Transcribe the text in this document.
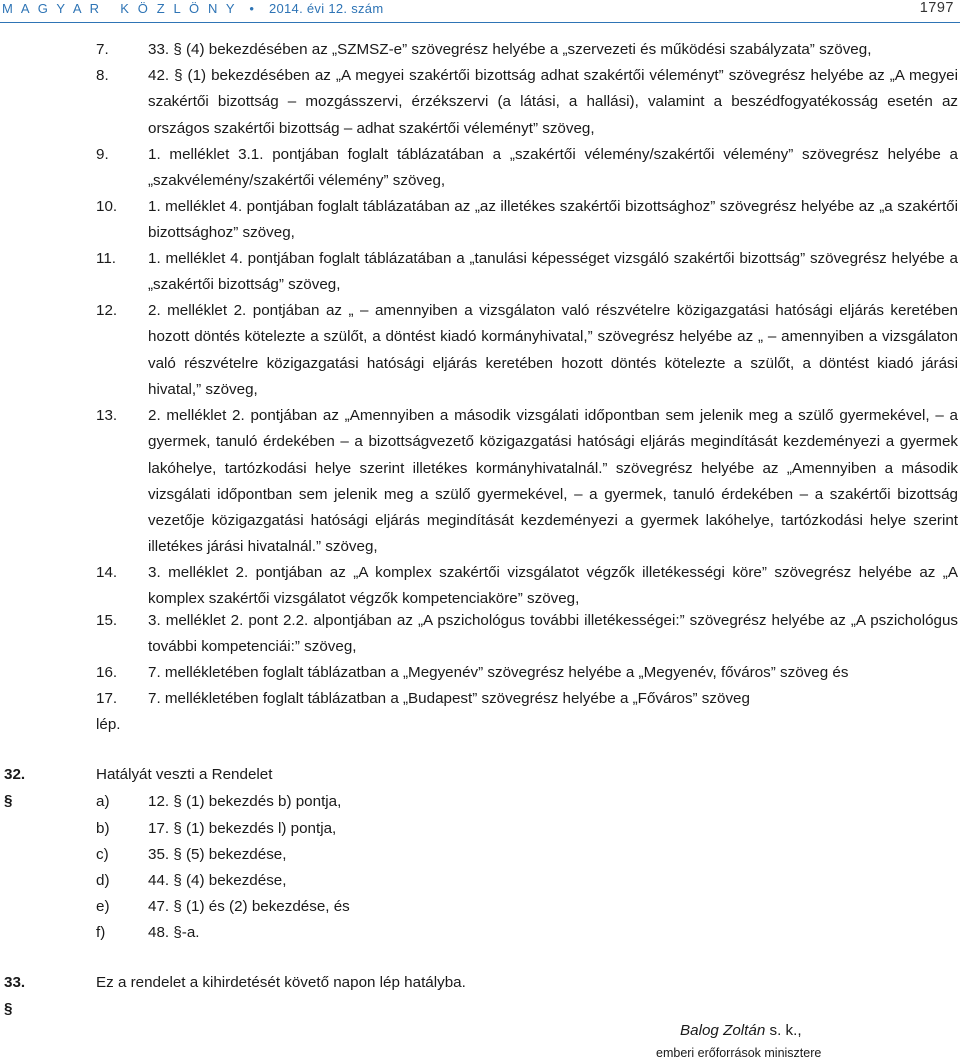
M A G Y A R   K Ö Z L Ö N Y  •  2014. évi 12. szám	1797
7.	33. § (4) bekezdésében az „SZMSZ-e” szövegrész helyébe a „szervezeti és működési szabályzata” szöveg,
8.	42. § (1) bekezdésében az „A megyei szakértői bizottság adhat szakértői véleményt” szövegrész helyébe az „A megyei szakértői bizottság – mozgásszervi, érzékszervi (a látási, a hallási), valamint a beszédfogyatékosság esetén az országos szakértői bizottság – adhat szakértői véleményt” szöveg,
9.	1. melléklet 3.1. pontjában foglalt táblázatában a „szakértői vélemény/szakértői vélemény” szövegrész helyébe a „szakvélemény/szakértői vélemény” szöveg,
10. 1. melléklet 4. pontjában foglalt táblázatában az „az illetékes szakértői bizottsághoz” szövegrész helyébe az „a szakértői bizottsághoz” szöveg,
11. 1. melléklet 4. pontjában foglalt táblázatában a „tanulási képességet vizsgáló szakértői bizottság” szövegrész helyébe a „szakértői bizottság” szöveg,
12. 2. melléklet 2. pontjában az „ – amennyiben a vizsgálaton való részvételre közigazgatási hatósági eljárás keretében hozott döntés kötelezte a szülőt, a döntést kiadó kormányhivatal,” szövegrész helyébe az „ – amennyiben a vizsgálaton való részvételre közigazgatási hatósági eljárás keretében hozott döntés kötelezte a szülőt, a döntést kiadó járási hivatal,” szöveg,
13. 2. melléklet 2. pontjában az „Amennyiben a második vizsgálati időpontban sem jelenik meg a szülő gyermekével, – a gyermek, tanuló érdekében – a bizottságvezető közigazgatási hatósági eljárás megindítását kezdeményezi a gyermek lakóhelye, tartózkodási helye szerint illetékes kormányhivatalnál.” szövegrész helyébe az „Amennyiben a második vizsgálati időpontban sem jelenik meg a szülő gyermekével, – a gyermek, tanuló érdekében – a szakértői bizottság vezetője közigazgatási hatósági eljárás megindítását kezdeményezi a gyermek lakóhelye, tartózkodási helye szerint illetékes járási hivatalnál.” szöveg,
14. 3. melléklet 2. pontjában az „A komplex szakértői vizsgálatot végzők illetékességi köre” szövegrész helyébe az „A komplex szakértői vizsgálatot végzők kompetenciaköre” szöveg,
15. 3. melléklet 2. pont 2.2. alpontjában az „A pszichológus további illetékességei:” szövegrész helyébe az „A pszichológus további kompetenciái:” szöveg,
16. 7. mellékletében foglalt táblázatban a „Megyenév” szövegrész helyébe a „Megyenév, főváros” szöveg és
17. 7. mellékletében foglalt táblázatban a „Budapest” szövegrész helyébe a „Főváros” szöveg
lép.
32. §
Hatályát veszti a Rendelet
a)	12. § (1) bekezdés b) pontja,
b)	17. § (1) bekezdés l) pontja,
c)	35. § (5) bekezdése,
d)	44. § (4) bekezdése,
e)	47. § (1) és (2) bekezdése, és
f)	48. §-a.
33. §
Ez a rendelet a kihirdetését követő napon lép hatályba.
Balog Zoltán s. k.,
emberi erőforrások minisztere
